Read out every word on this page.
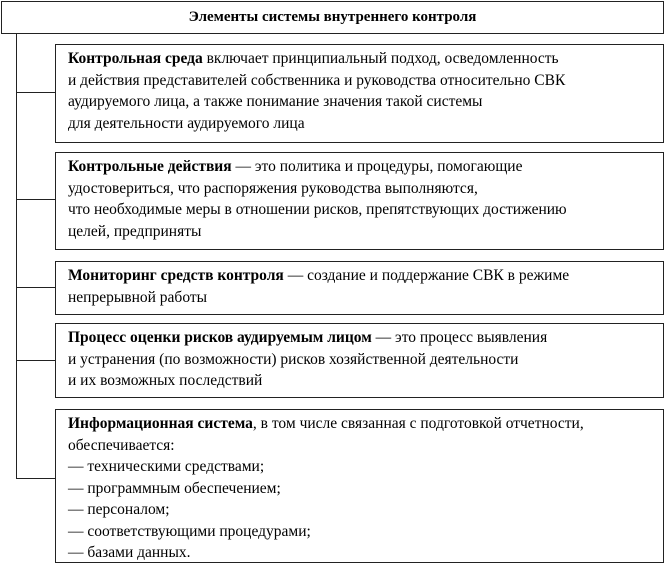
Элементы системы внутреннего контроля

Контрольная среда включает принципиальный подход, осведомленность

и действия представителей собственника и руководства относительно СВК

аудируемого лица, а также понимание значения такой системы

для деятельности аудируемого лица

Контрольные действия — это политика и процедуры, помогающие

удостовериться, что распоряжения руководства выполняются,

что необходимые меры в отношении рисков, препятствующих достижению

целей, предприняты

Мониторинг средств контроля — создание и поддержание СВК в режиме

непрерывной работы

Процесс оценки рисков аудируемым лицом — это процесс выявления

и устранения (по возможности) рисков хозяйственной деятельности

и их возможных последствий

Информационная система, в том числе связанная с подготовкой отчетности,

обеспечивается:

— техническими средствами;

— программным обеспечением;

— персоналом;

— соответствующими процедурами;

— базами данных.
